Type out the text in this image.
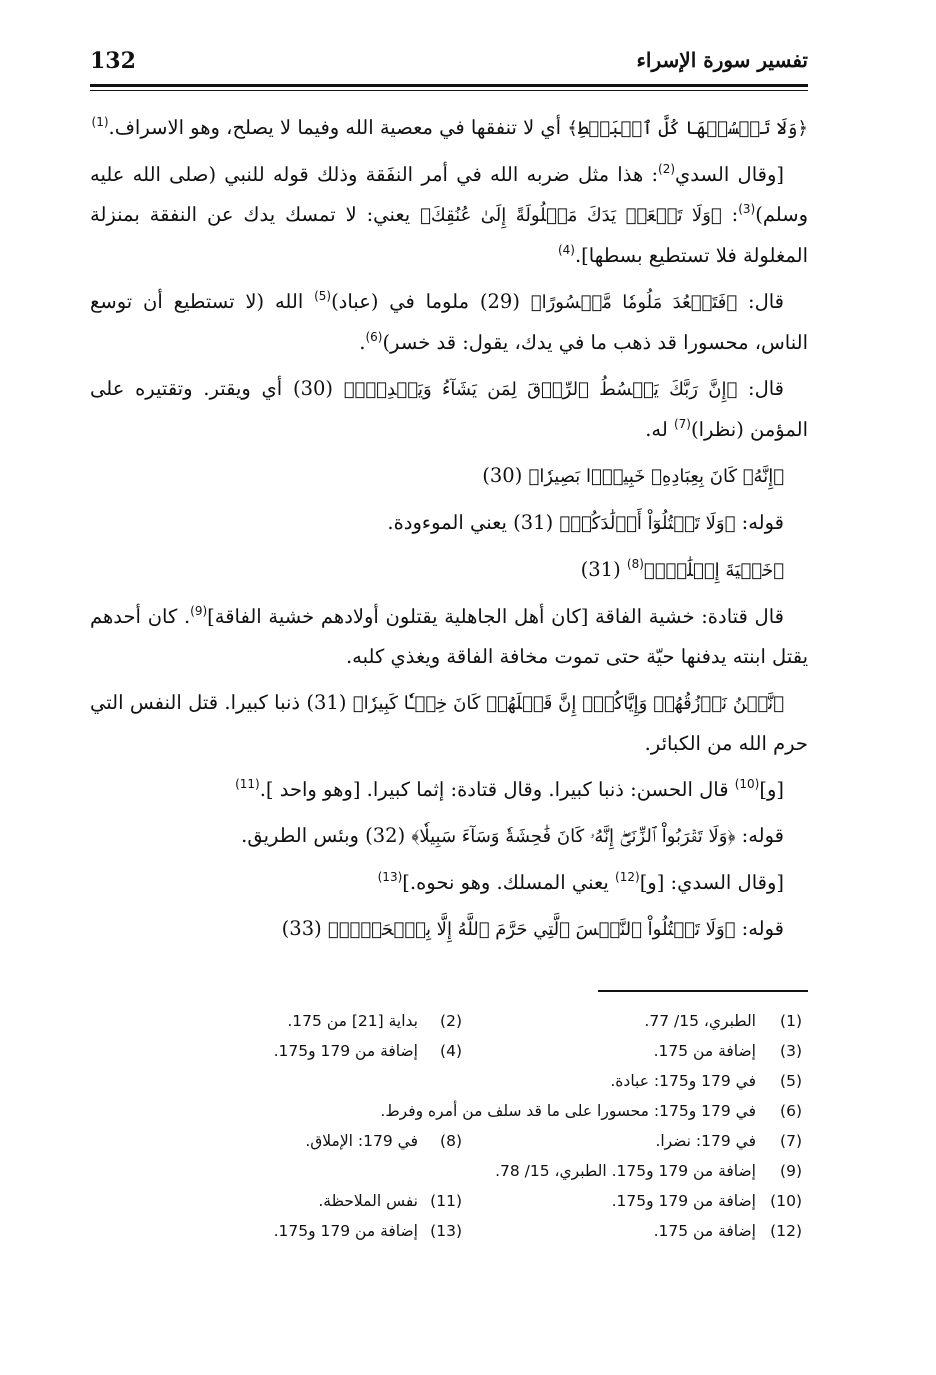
132	تفسير سورة الإسراء

﴿وَلَا تَبۡسُطۡهَا كُلَّ ٱلۡبَسۡطِ﴾ أي لا تنفقها في معصية الله وفيما لا يصلح، وهو الاسراف.$^{(1)}$

[وقال السدي$^{(2)}$: هذا مثل ضربه الله في أمر النفَقة وذلك قوله للنبي (صلى الله عليه وسلم)$^{(3)}$: ﴿وَلَا تَجۡعَلۡ يَدَكَ مَغۡلُولَةً إِلَىٰ عُنُقِكَ﴾ يعني: لا تمسك يدك عن النفقة بمنزلة المغلولة فلا تستطيع بسطها].$^{(4)}$

قال: ﴿فَتَقۡعُدَ مَلُومٗا مَّحۡسُورًا﴾ (29) ملوما في (عباد)$^{(5)}$ الله (لا تستطيع أن توسع الناس، محسورا قد ذهب ما في يدك، يقول: قد خسر)$^{(6)}$.

قال: ﴿إِنَّ رَبَّكَ يَبۡسُطُ ٱلرِّزۡقَ لِمَن يَشَآءُ وَيَقۡدِرُۚ﴾ (30) أي ويقتر. وتقتيره على المؤمن (نظرا)$^{(7)}$ له.

﴿إِنَّهُۥ كَانَ بِعِبَادِهِۦ خَبِيرَۢا بَصِيرٗا﴾ (30)

قوله: ﴿وَلَا تَقۡتُلُوٓاْ أَوۡلَٰدَكُمۡ﴾ (31) يعني الموءودة.

﴿خَشۡيَةَ إِمۡلَٰقٖۖ﴾$^{(8)}$ (31)

قال قتادة: خشية الفاقة [كان أهل الجاهلية يقتلون أولادهم خشية الفاقة]$^{(9)}$. كان أحدهم يقتل ابنته يدفنها حيّة حتى تموت مخافة الفاقة ويغذي كلبه.

﴿نَّحۡنُ نَرۡزُقُهُمۡ وَإِيَّاكُمۡۚ إِنَّ قَتۡلَهُمۡ كَانَ خِطۡـٔٗا كَبِيرٗا﴾ (31) ذنبا كبيرا. قتل النفس التي حرم الله من الكبائر.

[و]$^{(10)}$ قال الحسن: ذنبا كبيرا. وقال قتادة: إثما كبيرا. [وهو واحد ].$^{(11)}$

قوله: ﴿وَلَا تَقۡرَبُواْ ٱلزِّنَىٰٓۖ إِنَّهُۥ كَانَ فَٰحِشَةٗ وَسَآءَ سَبِيلٗا﴾ (32) وبئس الطريق.

[وقال السدي: [و]$^{(12)}$ يعني المسلك. وهو نحوه.]$^{(13)}$

قوله: ﴿وَلَا تَقۡتُلُواْ ٱلنَّفۡسَ ٱلَّتِي حَرَّمَ ٱللَّهُ إِلَّا بِٱلۡحَقِّۗ﴾ (33)

(1)
الطبري، 15/ 77.
(2)
بداية [21] من 175.
(3)
إضافة من 175.
(4)
إضافة من 179 و175.
(5)
في 179 و175: عبادة.
(6)
في 179 و175: محسورا على ما قد سلف من أمره وفرط.
(7)
في 179: نضرا.
(8)
في 179: الإملاق.
(9)
إضافة من 179 و175. الطبري، 15/ 78.
(10)
إضافة من 179 و175.
(11)
نفس الملاحظة.
(12)
إضافة من 175.
(13)
إضافة من 179 و175.
